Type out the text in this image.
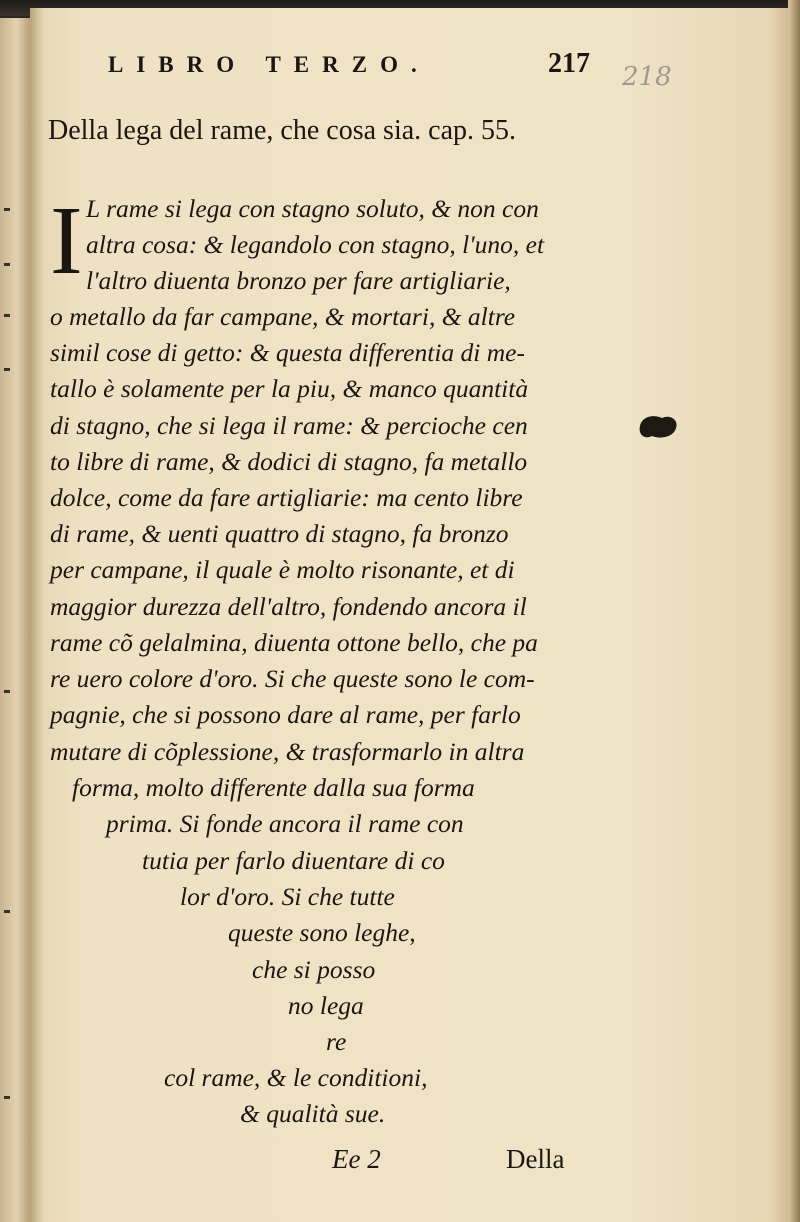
LIBRO TERZO.	217 218
Della lega del rame, che cosa sia. cap. 55.
I L rame si lega con stagno soluto, & non con
altra cosa: & legandolo con stagno, l'uno, et
l'altro diuenta bronzo per fare artigliarie,
o metallo da far campane, & mortari, & altre
simil cose di getto: & questa differentia di me-
tallo è solamente per la piu, & manco quantità
di stagno, che si lega il rame: & percioche cen
to libre di rame, & dodici di stagno, fa metallo
dolce, come da fare artigliarie: ma cento libre
di rame, & uenti quattro di stagno, fa bronzo
per campane, il quale è molto risonante, et di
maggior durezza dell'altro, fondendo ancora il
rame cõ gelalmina, diuenta ottone bello, che pa
re uero colore d'oro. Si che queste sono le com-
pagnie, che si possono dare al rame, per farlo
mutare di cõplessione, & trasformarlo in altra
forma, molto differente dalla sua forma
prima. Si fonde ancora il rame con
tutia per farlo diuentare di co
lor d'oro. Si che tutte
queste sono leghe,
che si posso
no lega
re
col rame, & le conditioni,
& qualità sue.
Ee 2	Della
